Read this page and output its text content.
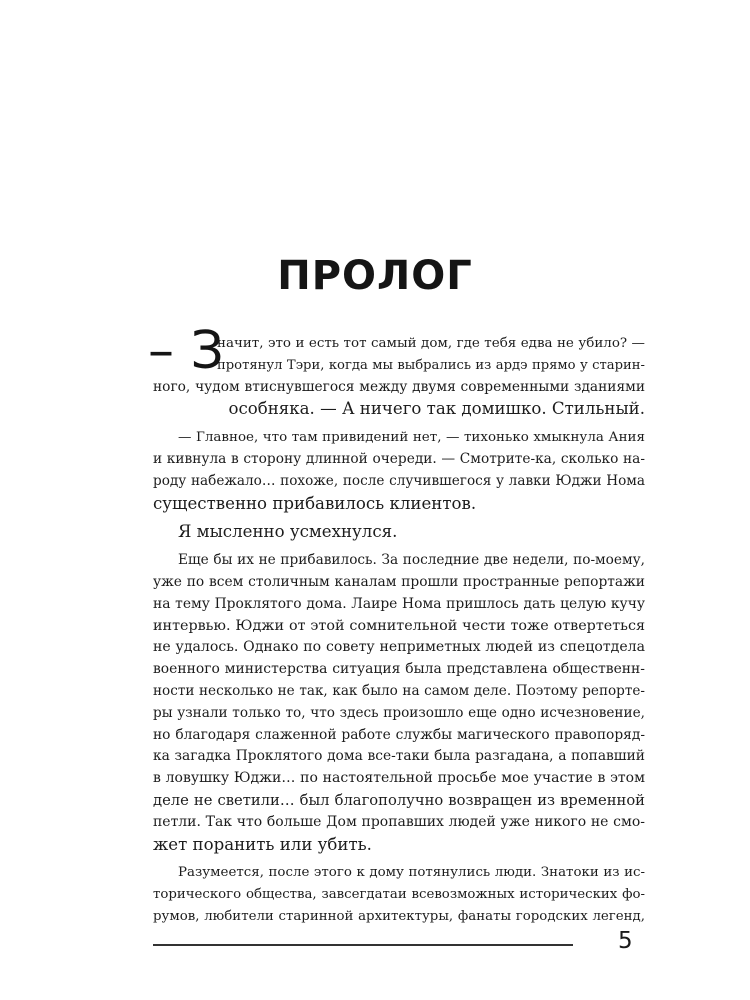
ПРОЛОГ
– З
начит, это и есть тот самый дом, где тебя едва не убило? —
протянул Тэри, когда мы выбрались из ардэ прямо у старин-
ного, чудом втиснувшегося между двумя современными зданиями
особняка. — А ничего так домишко. Стильный.
— Главное, что там привидений нет, — тихонько хмыкнула Ания
и кивнула в сторону длинной очереди. — Смотрите-ка, сколько на-
роду набежало… похоже, после случившегося у лавки Юджи Нома
существенно прибавилось клиентов.
Я мысленно усмехнулся.
Еще бы их не прибавилось. За последние две недели, по-моему,
уже по всем столичным каналам прошли пространные репортажи
на тему Проклятого дома. Лаире Нома пришлось дать целую кучу
интервью. Юджи от этой сомнительной чести тоже отвертеться
не удалось. Однако по совету неприметных людей из спецотдела
военного министерства ситуация была представлена общественн-
ности несколько не так, как было на самом деле. Поэтому репорте-
ры узнали только то, что здесь произошло еще одно исчезновение,
но благодаря слаженной работе службы магического правопоряд-
ка загадка Проклятого дома все-таки была разгадана, а попавший
в ловушку Юджи… по настоятельной просьбе мое участие в этом
деле не светили… был благополучно возвращен из временной
петли. Так что больше Дом пропавших людей уже никого не смо-
жет поранить или убить.
Разумеется, после этого к дому потянулись люди. Знатоки из ис-
торического общества, завсегдатаи всевозможных исторических фо-
румов, любители старинной архитектуры, фанаты городских легенд,
5
